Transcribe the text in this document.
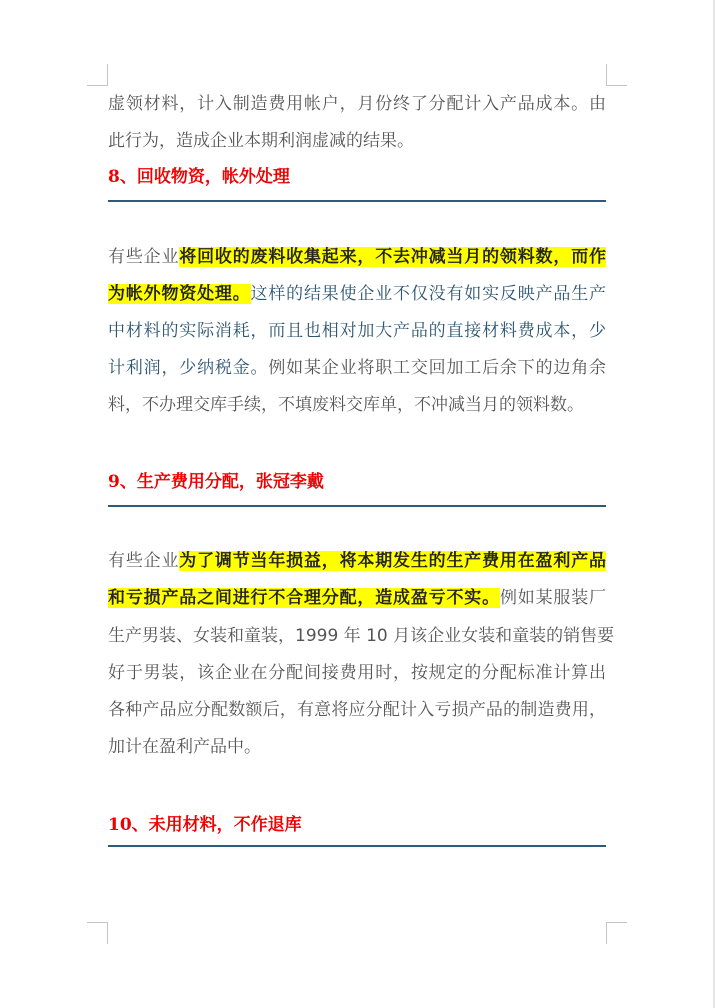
虚领材料，计入制造费用帐户，月份终了分配计入产品成本。由
此行为，造成企业本期利润虚减的结果。
8、回收物资，帐外处理
有些企业将回收的废料收集起来，不去冲减当月的领料数，而作
为帐外物资处理。这样的结果使企业不仅没有如实反映产品生产
中材料的实际消耗，而且也相对加大产品的直接材料费成本，少
计利润，少纳税金。例如某企业将职工交回加工后余下的边角余
料，不办理交库手续，不填废料交库单，不冲减当月的领料数。
9、生产费用分配，张冠李戴
有些企业为了调节当年损益，将本期发生的生产费用在盈利产品
和亏损产品之间进行不合理分配，造成盈亏不实。例如某服装厂
生产男装、女装和童装，1999 年 10 月该企业女装和童装的销售要
好于男装，该企业在分配间接费用时，按规定的分配标准计算出
各种产品应分配数额后，有意将应分配计入亏损产品的制造费用，
加计在盈利产品中。
10、未用材料，不作退库
